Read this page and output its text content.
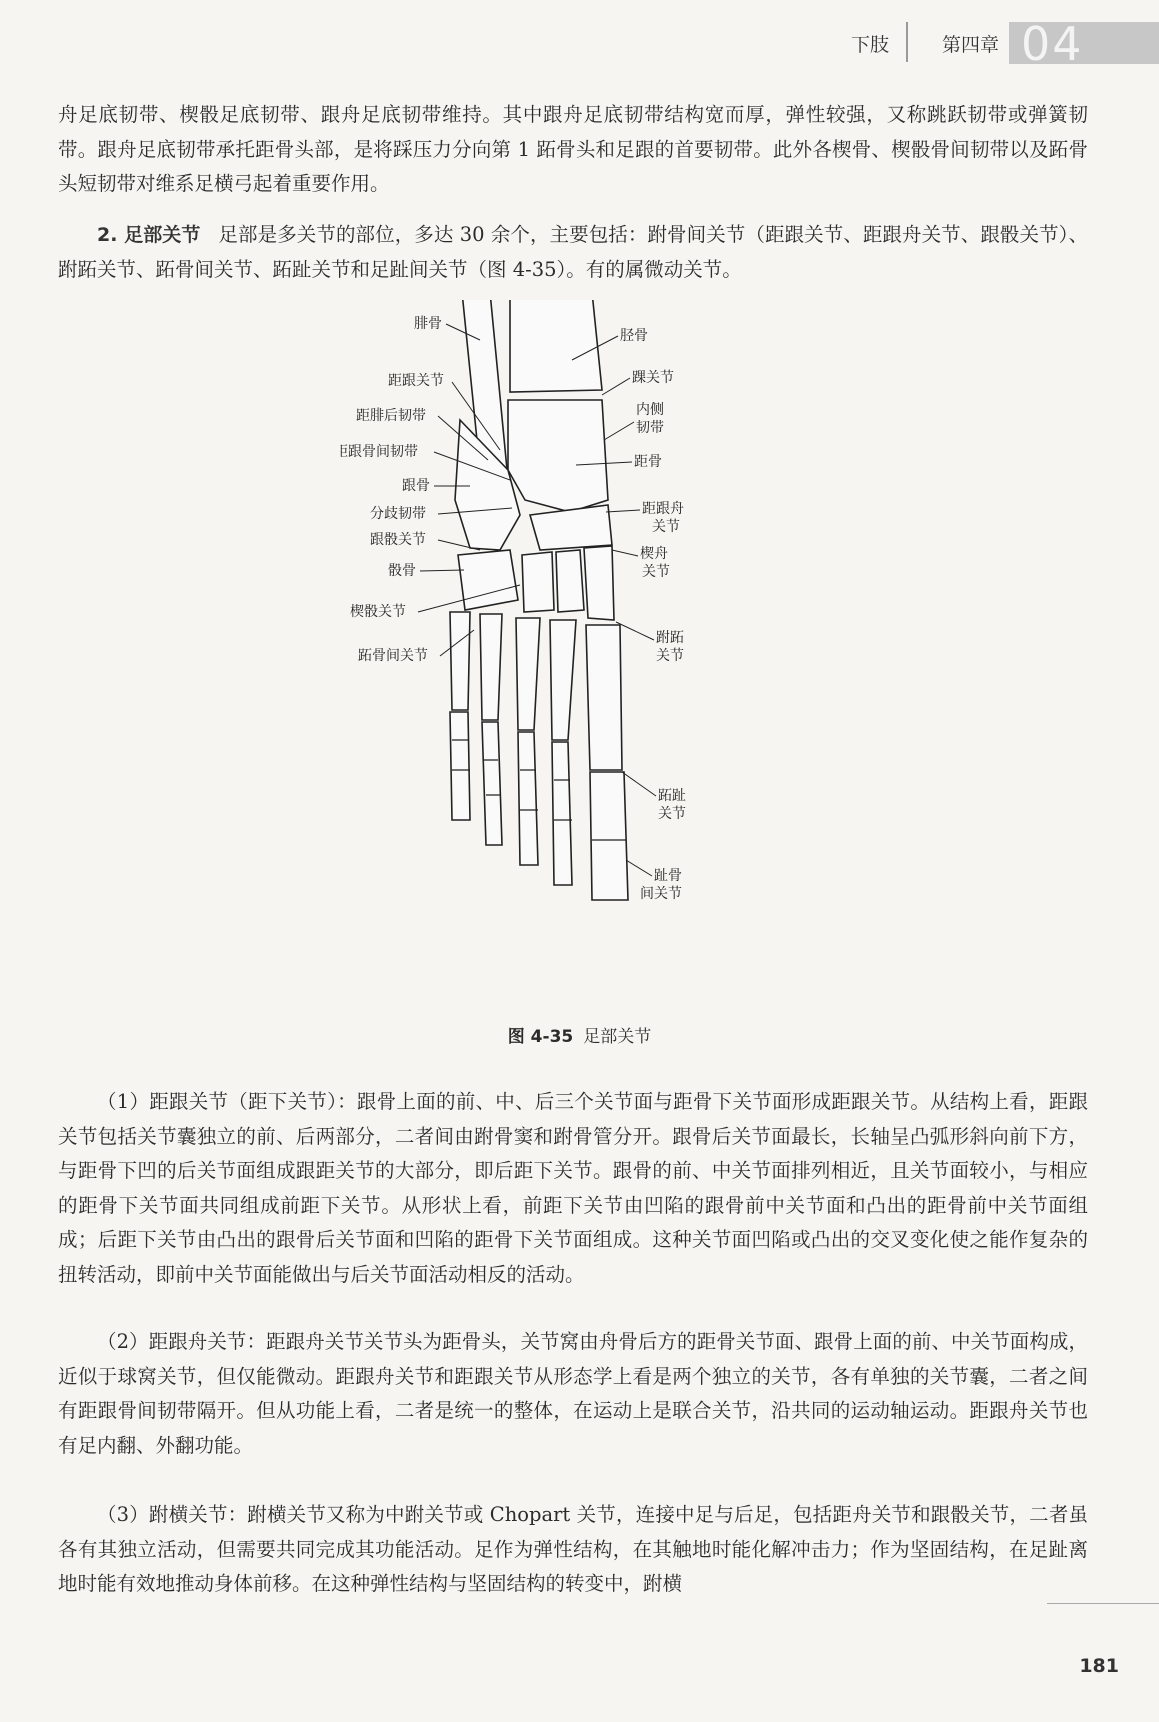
下肢	第四章 04

舟足底韧带、楔骰足底韧带、跟舟足底韧带维持。其中跟舟足底韧带结构宽而厚，弹性较强，又称跳跃韧带或弹簧韧带。跟舟足底韧带承托距骨头部，是将踩压力分向第 1 跖骨头和足跟的首要韧带。此外各楔骨、楔骰骨间韧带以及跖骨头短韧带对维系足横弓起着重要作用。

2. 足部关节 足部是多关节的部位，多达 30 余个，主要包括：跗骨间关节（距跟关节、距跟舟关节、跟骰关节）、跗跖关节、跖骨间关节、跖趾关节和足趾间关节（图 4-35）。有的属微动关节。

腓骨
距跟关节
距腓后韧带
距跟骨间韧带
跟骨
分歧韧带
跟骰关节
骰骨
楔骰关节
跖骨间关节
胫骨
踝关节
内侧
韧带
距骨
距跟舟
关节
楔舟
关节
跗跖
关节
跖趾
关节
趾骨
间关节
图 4-35 足部关节

（1）距跟关节（距下关节）：跟骨上面的前、中、后三个关节面与距骨下关节面形成距跟关节。从结构上看，距跟关节包括关节囊独立的前、后两部分，二者间由跗骨窦和跗骨管分开。跟骨后关节面最长，长轴呈凸弧形斜向前下方，与距骨下凹的后关节面组成跟距关节的大部分，即后距下关节。跟骨的前、中关节面排列相近，且关节面较小，与相应的距骨下关节面共同组成前距下关节。从形状上看，前距下关节由凹陷的跟骨前中关节面和凸出的距骨前中关节面组成；后距下关节由凸出的跟骨后关节面和凹陷的距骨下关节面组成。这种关节面凹陷或凸出的交叉变化使之能作复杂的扭转活动，即前中关节面能做出与后关节面活动相反的活动。

（2）距跟舟关节：距跟舟关节关节头为距骨头，关节窝由舟骨后方的距骨关节面、跟骨上面的前、中关节面构成，近似于球窝关节，但仅能微动。距跟舟关节和距跟关节从形态学上看是两个独立的关节，各有单独的关节囊，二者之间有距跟骨间韧带隔开。但从功能上看，二者是统一的整体，在运动上是联合关节，沿共同的运动轴运动。距跟舟关节也有足内翻、外翻功能。

（3）跗横关节：跗横关节又称为中跗关节或 Chopart 关节，连接中足与后足，包括距舟关节和跟骰关节，二者虽各有其独立活动，但需要共同完成其功能活动。足作为弹性结构，在其触地时能化解冲击力；作为坚固结构，在足趾离地时能有效地推动身体前移。在这种弹性结构与坚固结构的转变中，跗横

181
